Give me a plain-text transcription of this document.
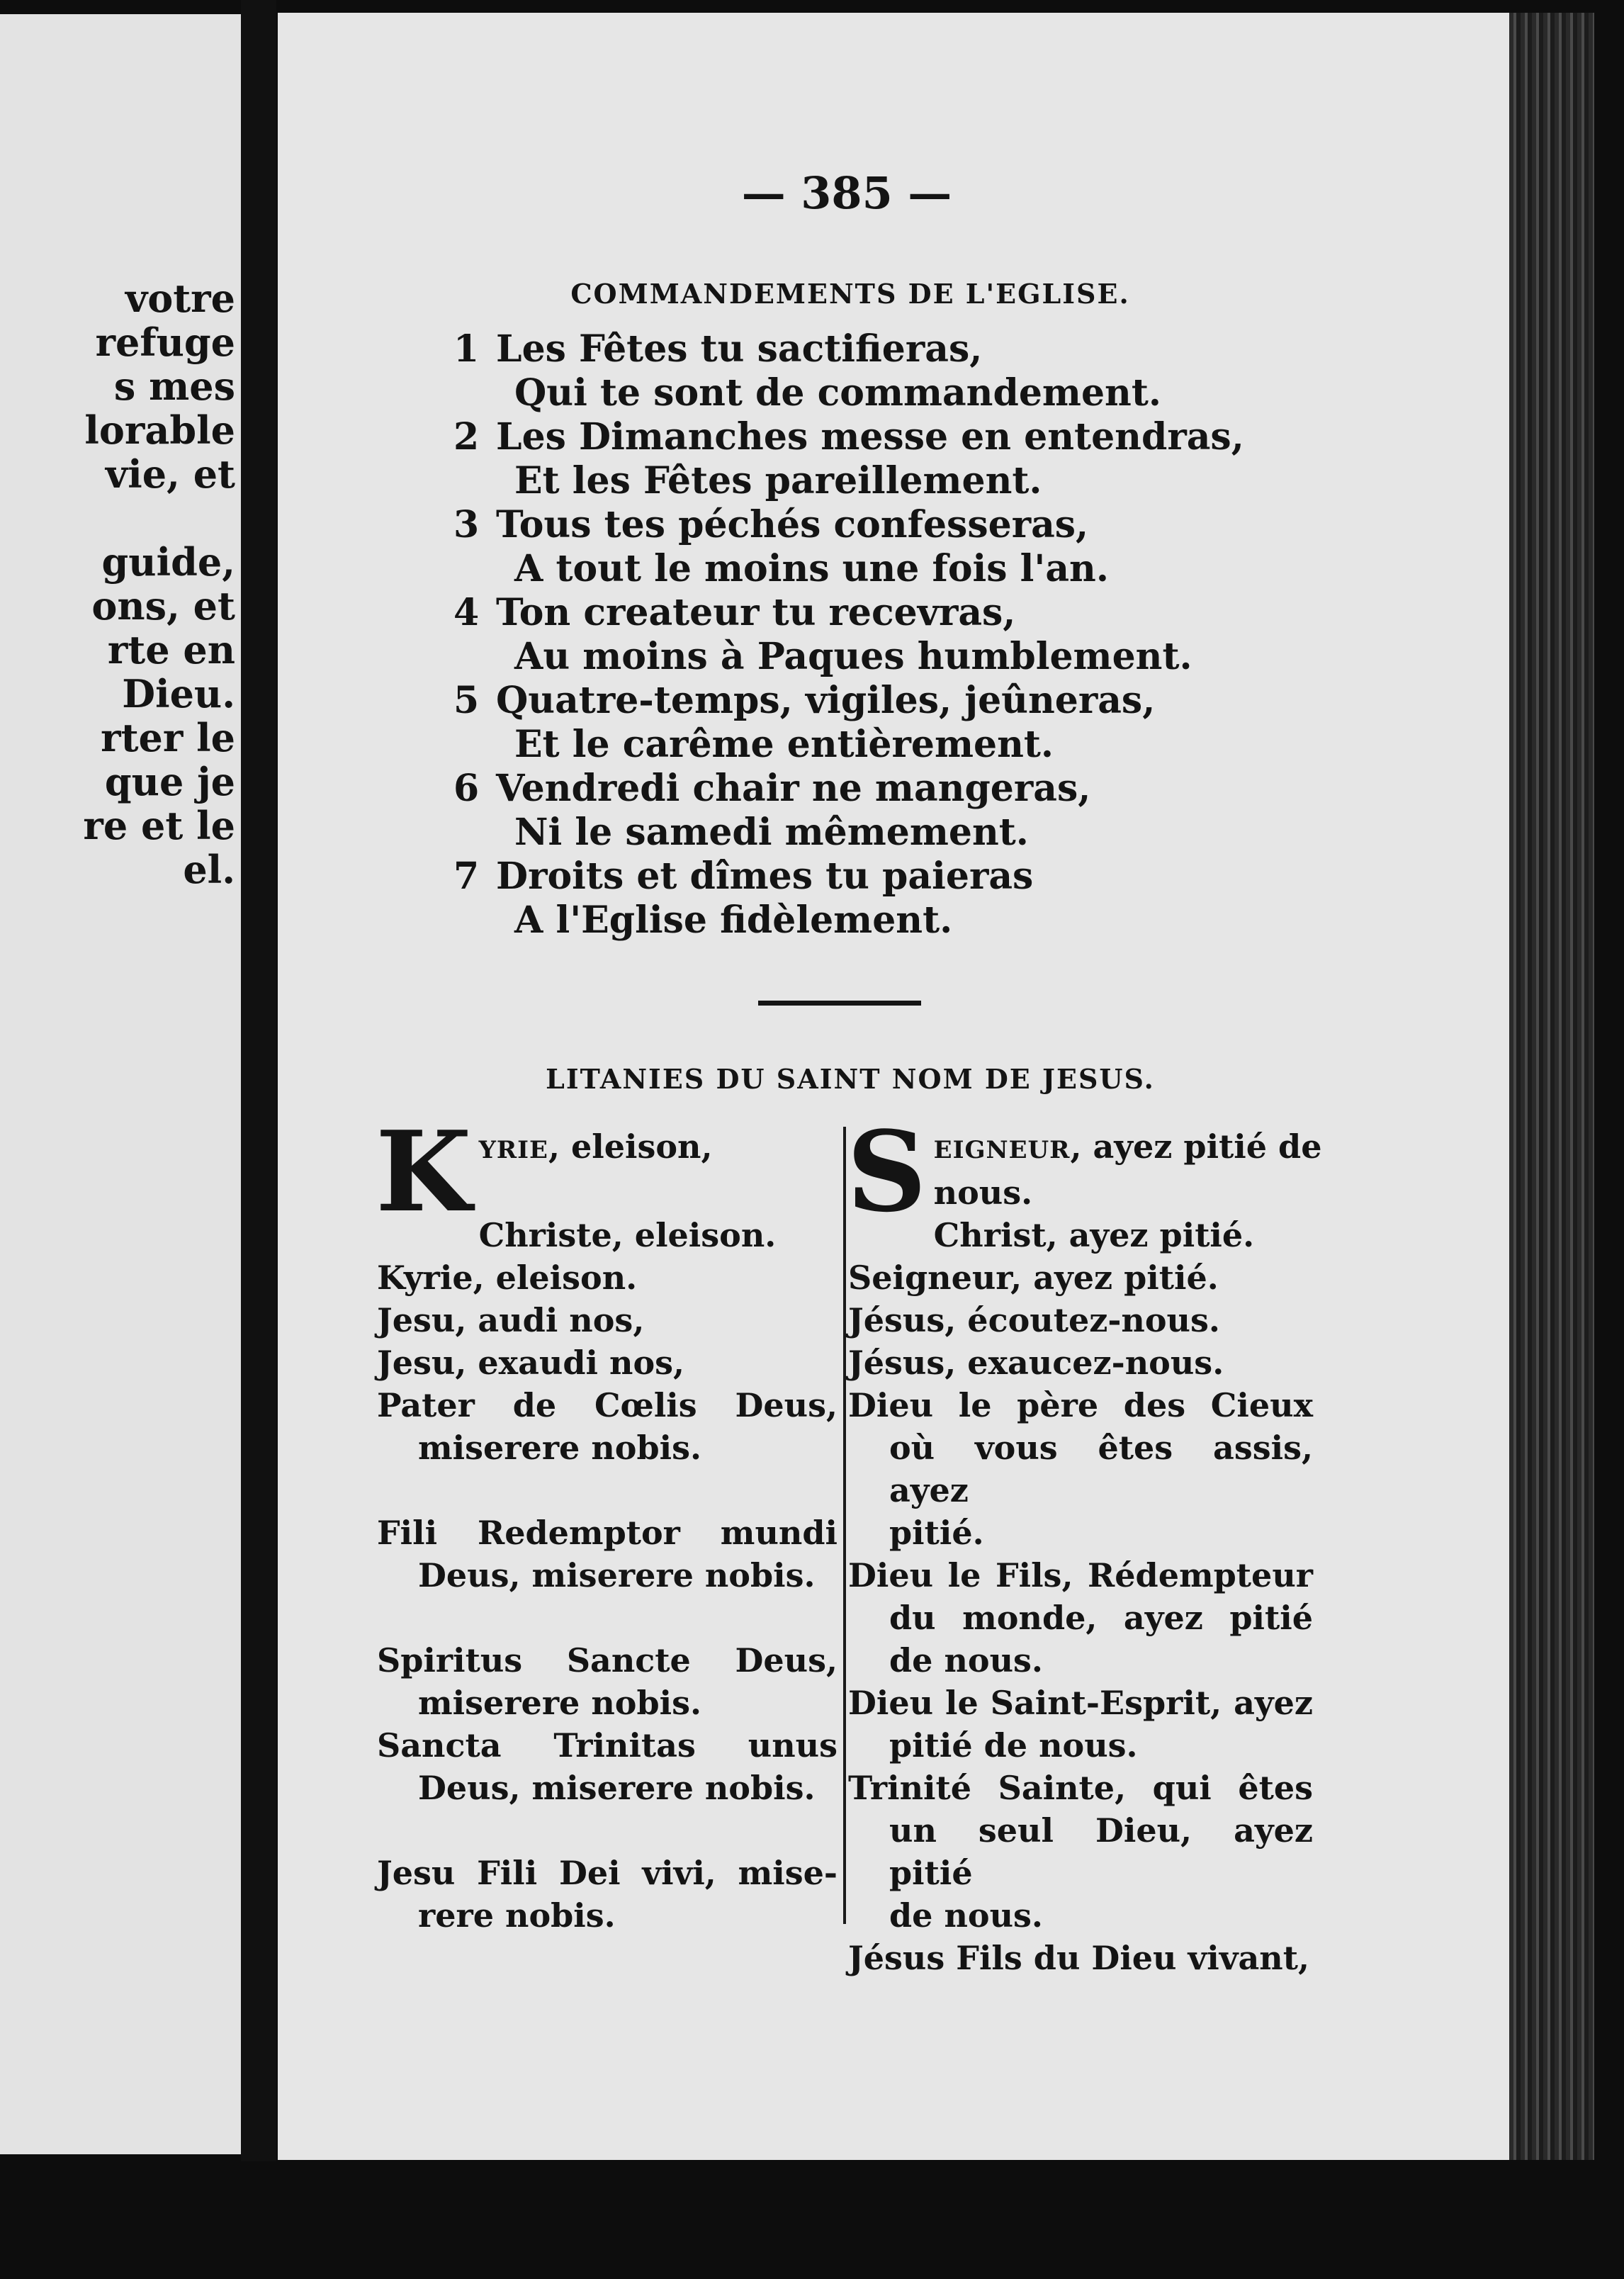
votre
refuge
s mes
lorable
vie, et

guide,
ons, et
rte en
Dieu.
rter le
que je
re et le
el.
— 385 —
COMMANDEMENTS DE L'EGLISE.
1 Les Fêtes tu sactifieras,
Qui te sont de commandement.
2 Les Dimanches messe en entendras,
Et les Fêtes pareillement.
3 Tous tes péchés confesseras,
A tout le moins une fois l'an.
4 Ton createur tu recevras,
Au moins à Paques humblement.
5 Quatre-temps, vigiles, jeûneras,
Et le carême entièrement.
6 Vendredi chair ne mangeras,
Ni le samedi mêmement.
7 Droits et dîmes tu paieras
A l'Eglise fidèlement.
LITANIES DU SAINT NOM DE JESUS.
K YRIE, eleison,

Christe, eleison.
Kyrie, eleison.
Jesu, audi nos,
Jesu, exaudi nos,
Pater de Cœlis Deus,
miserere nobis.

Fili Redemptor mundi
Deus, miserere nobis.

Spiritus Sancte Deus,
miserere nobis.
Sancta Trinitas unus
Deus, miserere nobis.

Jesu Fili Dei vivi, mise-
rere nobis.
S EIGNEUR, ayez pitié de
nous.
Christ, ayez pitié.
Seigneur, ayez pitié.
Jésus, écoutez-nous.
Jésus, exaucez-nous.
Dieu le père des Cieux
où vous êtes assis, ayez
pitié.
Dieu le Fils, Rédempteur
du monde, ayez pitié
de nous.
Dieu le Saint-Esprit, ayez
pitié de nous.
Trinité Sainte, qui êtes
un seul Dieu, ayez pitié
de nous.
Jésus Fils du Dieu vivant,
